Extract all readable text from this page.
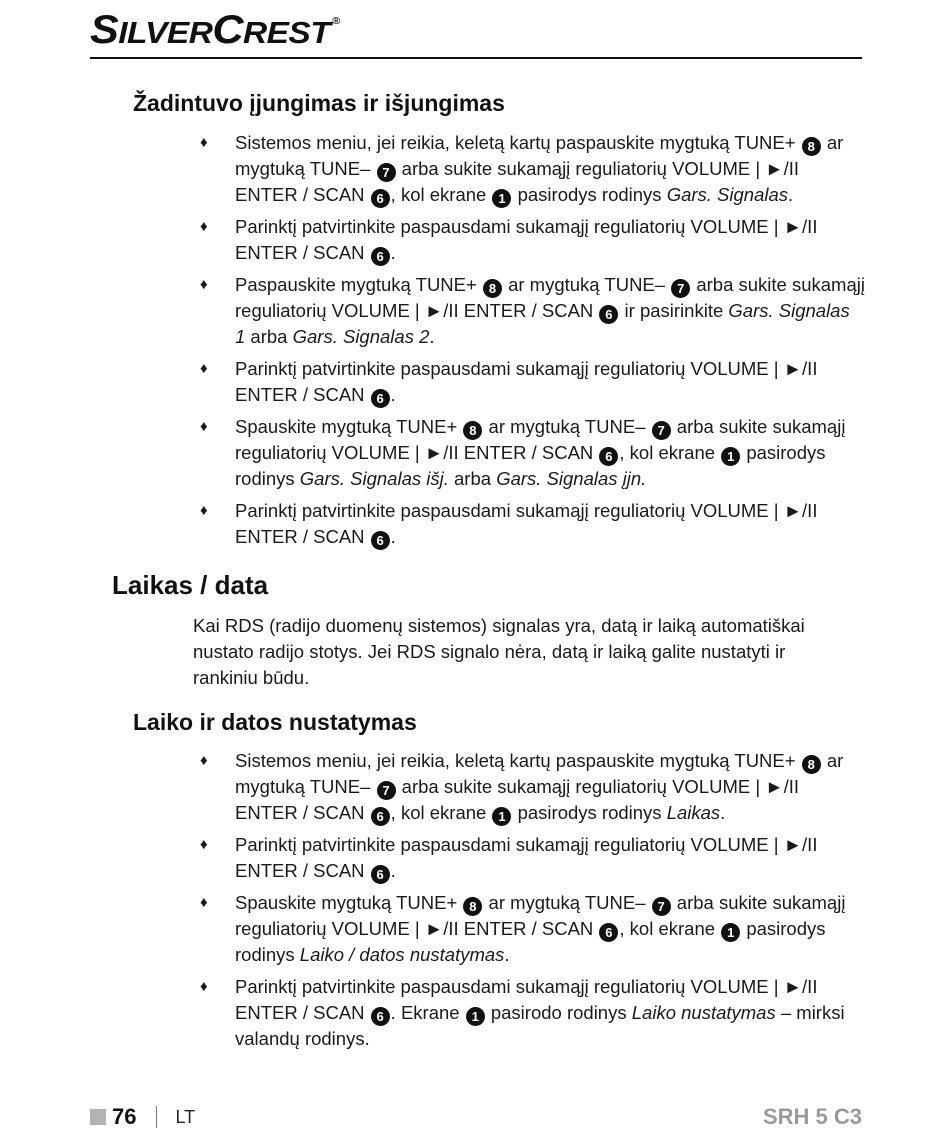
SILVERCREST ®
Žadintuvo įjungimas ir išjungimas
♦ Sistemos meniu, jei reikia, keletą kartų paspauskite mygtuką TUNE+ 8 ar mygtuką TUNE– 7 arba sukite sukamąjį reguliatorių VOLUME | ►/II ENTER / SCAN 6 , kol ekrane 1 pasirodys rodinys Gars. Signalas.
♦ Parinktį patvirtinkite paspausdami sukamąjį reguliatorių VOLUME | ►/II ENTER / SCAN 6 .
♦ Paspauskite mygtuką TUNE+ 8 ar mygtuką TUNE– 7 arba sukite sukamąjį reguliatorių VOLUME | ►/II ENTER / SCAN 6 ir pasirinkite Gars. Signalas 1 arba Gars. Signalas 2.
♦ Parinktį patvirtinkite paspausdami sukamąjį reguliatorių VOLUME | ►/II ENTER / SCAN 6 .
♦ Spauskite mygtuką TUNE+ 8 ar mygtuką TUNE– 7 arba sukite sukamąjį reguliatorių VOLUME | ►/II ENTER / SCAN 6 , kol ekrane 1 pasirodys rodinys Gars. Signalas išj. arba Gars. Signalas įjn.
♦ Parinktį patvirtinkite paspausdami sukamąjį reguliatorių VOLUME | ►/II ENTER / SCAN 6 .
Laikas / data

Kai RDS (radijo duomenų sistemos) signalas yra, datą ir laiką automatiškai nustato radijo stotys. Jei RDS signalo nėra, datą ir laiką galite nustatyti ir rankiniu būdu.

Laiko ir datos nustatymas
♦ Sistemos meniu, jei reikia, keletą kartų paspauskite mygtuką TUNE+ 8 ar mygtuką TUNE– 7 arba sukite sukamąjį reguliatorių VOLUME | ►/II ENTER / SCAN 6 , kol ekrane 1 pasirodys rodinys Laikas.
♦ Parinktį patvirtinkite paspausdami sukamąjį reguliatorių VOLUME | ►/II ENTER / SCAN 6 .
♦ Spauskite mygtuką TUNE+ 8 ar mygtuką TUNE– 7 arba sukite sukamąjį reguliatorių VOLUME | ►/II ENTER / SCAN 6 , kol ekrane 1 pasirodys rodinys Laiko / datos nustatymas.
♦ Parinktį patvirtinkite paspausdami sukamąjį reguliatorių VOLUME | ►/II ENTER / SCAN 6 . Ekrane 1 pasirodo rodinys Laiko nustatymas – mirksi valandų rodinys.
76 LT	SRH 5 C3
